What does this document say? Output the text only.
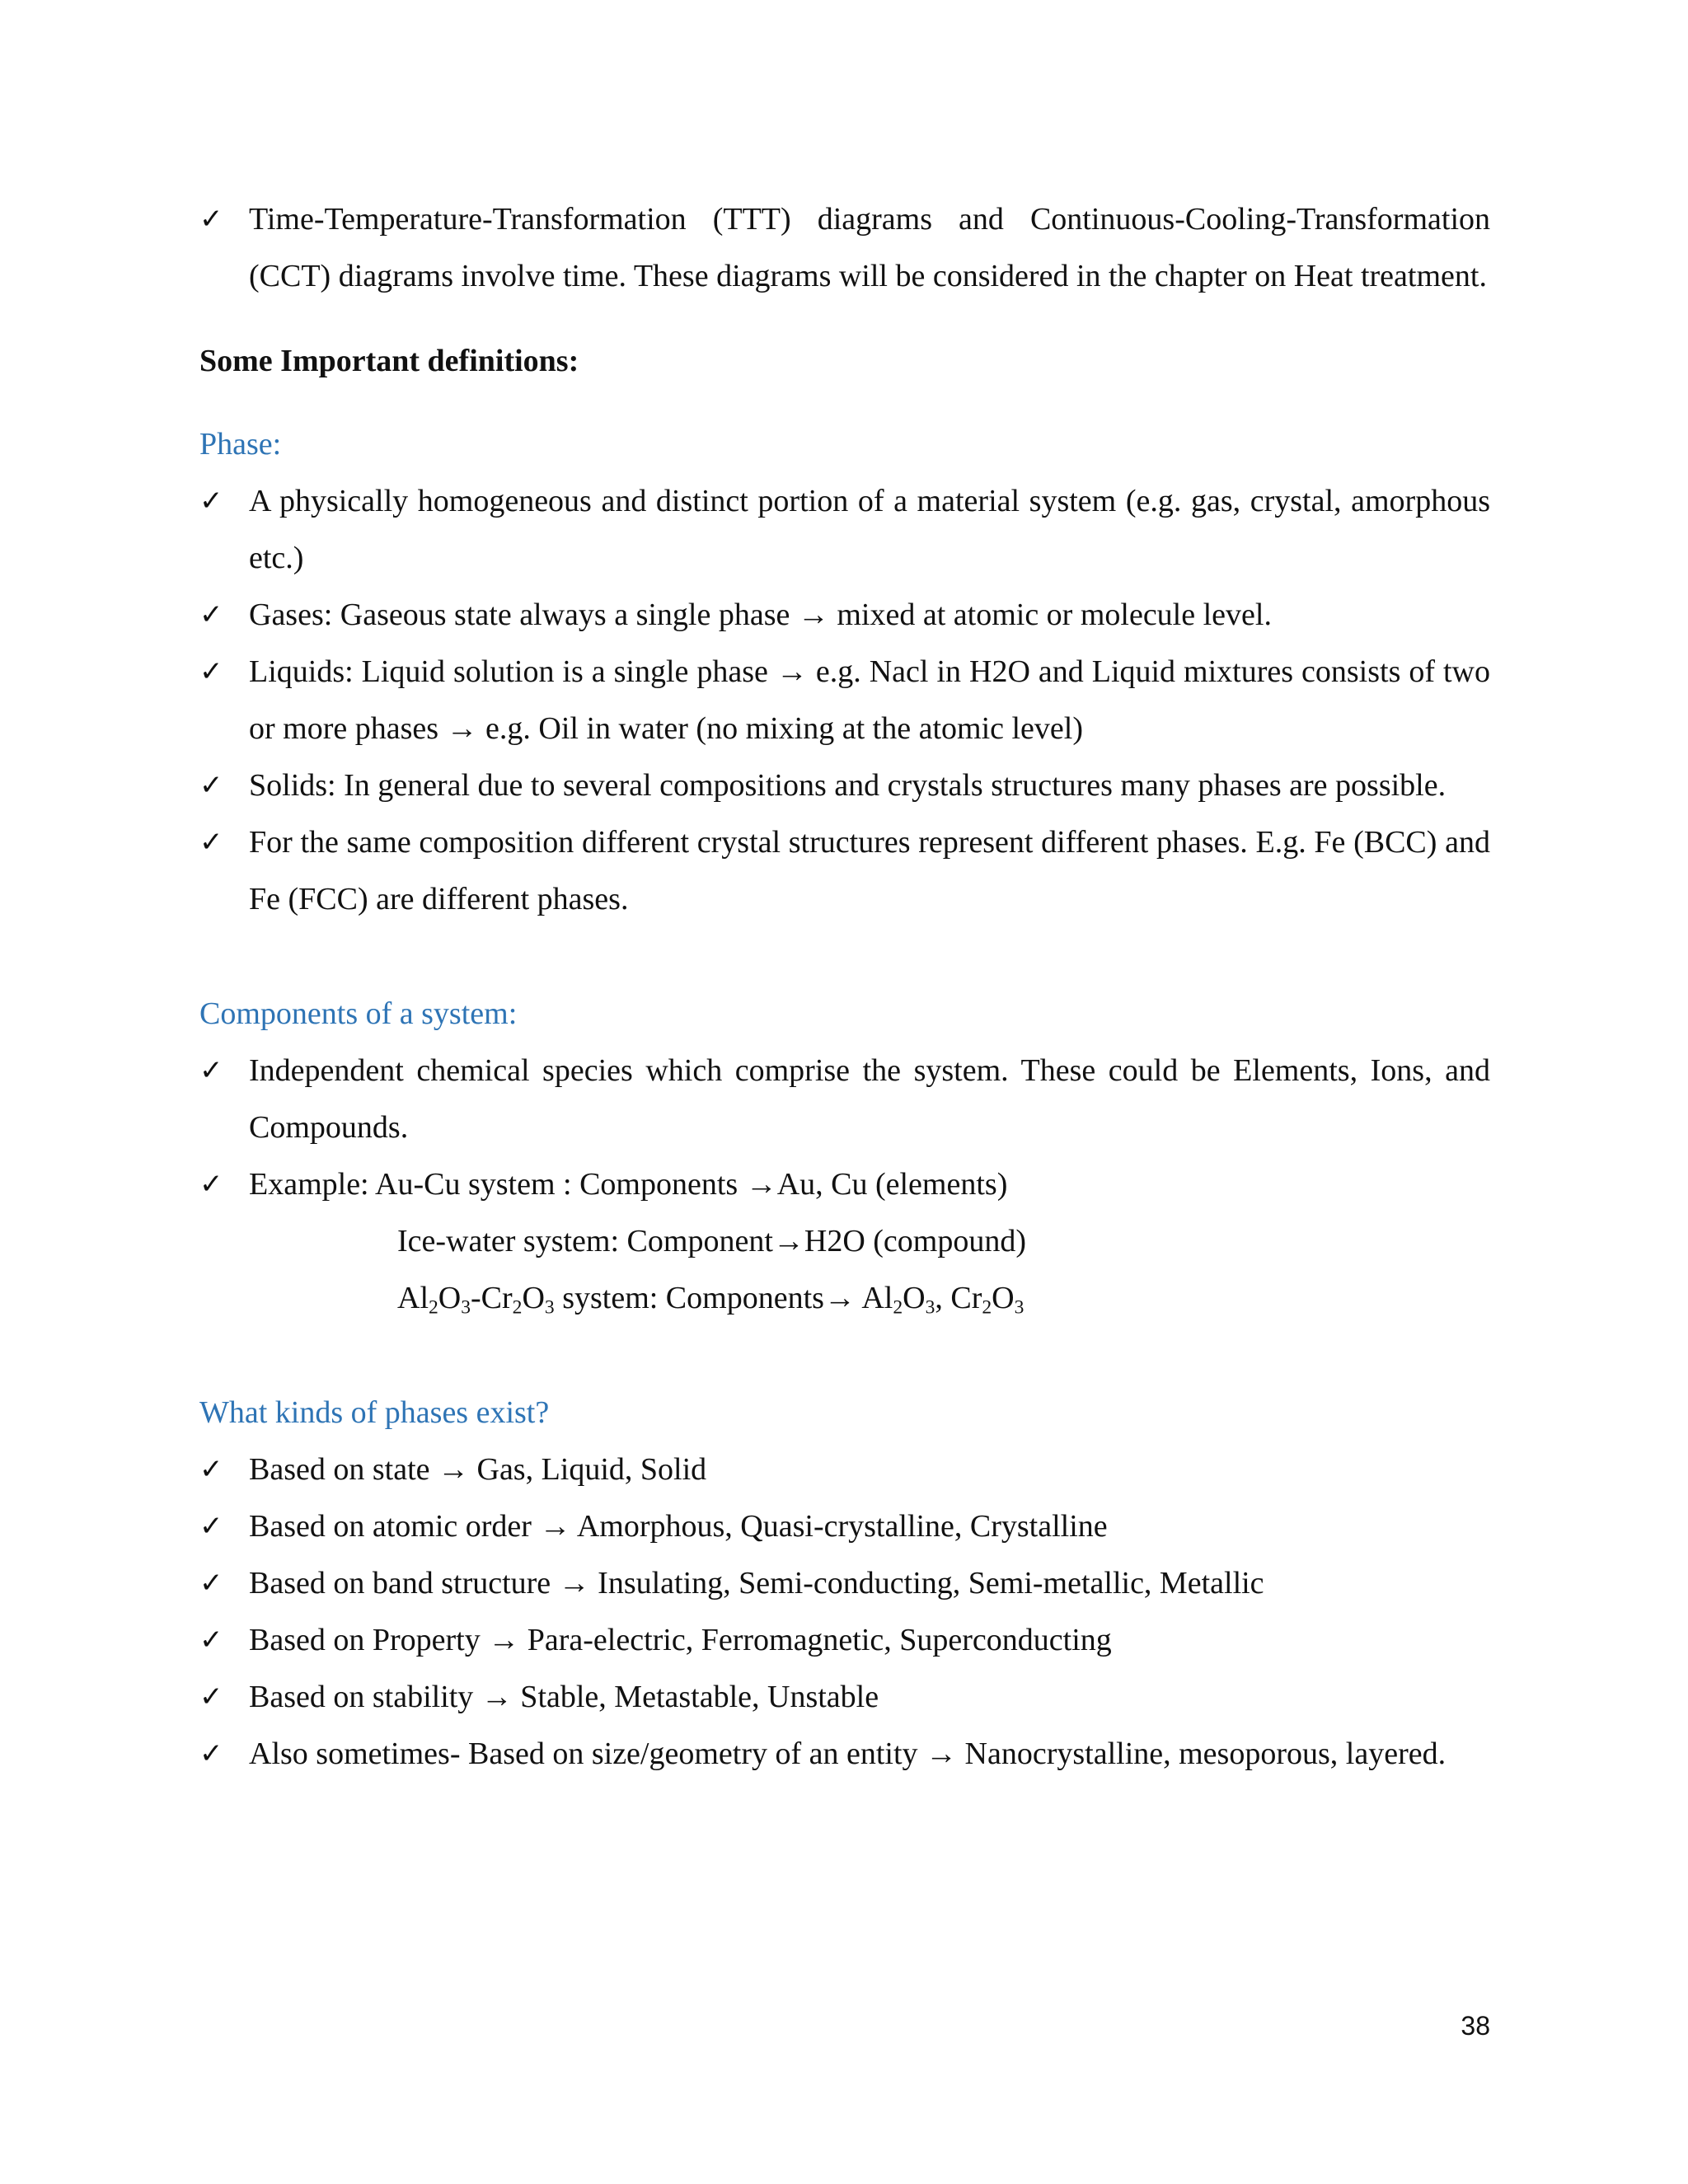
✓ Time-Temperature-Transformation (TTT) diagrams and Continuous-Cooling-Transformation (CCT) diagrams involve time. These diagrams will be considered in the chapter on Heat treatment.
Some Important definitions:
Phase:
✓ A physically homogeneous and distinct portion of a material system (e.g. gas, crystal, amorphous etc.)
✓ Gases: Gaseous state always a single phase → mixed at atomic or molecule level.
✓ Liquids: Liquid solution is a single phase → e.g. Nacl in H2O and Liquid mixtures consists of two or more phases → e.g. Oil in water (no mixing at the atomic level)
✓ Solids: In general due to several compositions and crystals structures many phases are possible.
✓ For the same composition different crystal structures represent different phases. E.g. Fe (BCC) and Fe (FCC) are different phases.
Components of a system:
✓ Independent chemical species which comprise the system. These could be Elements, Ions, and Compounds.
✓ Example: Au-Cu system : Components →Au, Cu (elements)
Ice-water system: Component→H2O (compound)
$Al_2O_3-Cr_2O_3$ system: Components→ $Al_2O_3$, $Cr_2O_3$
What kinds of phases exist?
✓ Based on state → Gas, Liquid, Solid
✓ Based on atomic order → Amorphous, Quasi-crystalline, Crystalline
✓ Based on band structure → Insulating, Semi-conducting, Semi-metallic, Metallic
✓ Based on Property → Para-electric, Ferromagnetic, Superconducting
✓ Based on stability → Stable, Metastable, Unstable
✓ Also sometimes- Based on size/geometry of an entity → Nanocrystalline, mesoporous, layered.
38
